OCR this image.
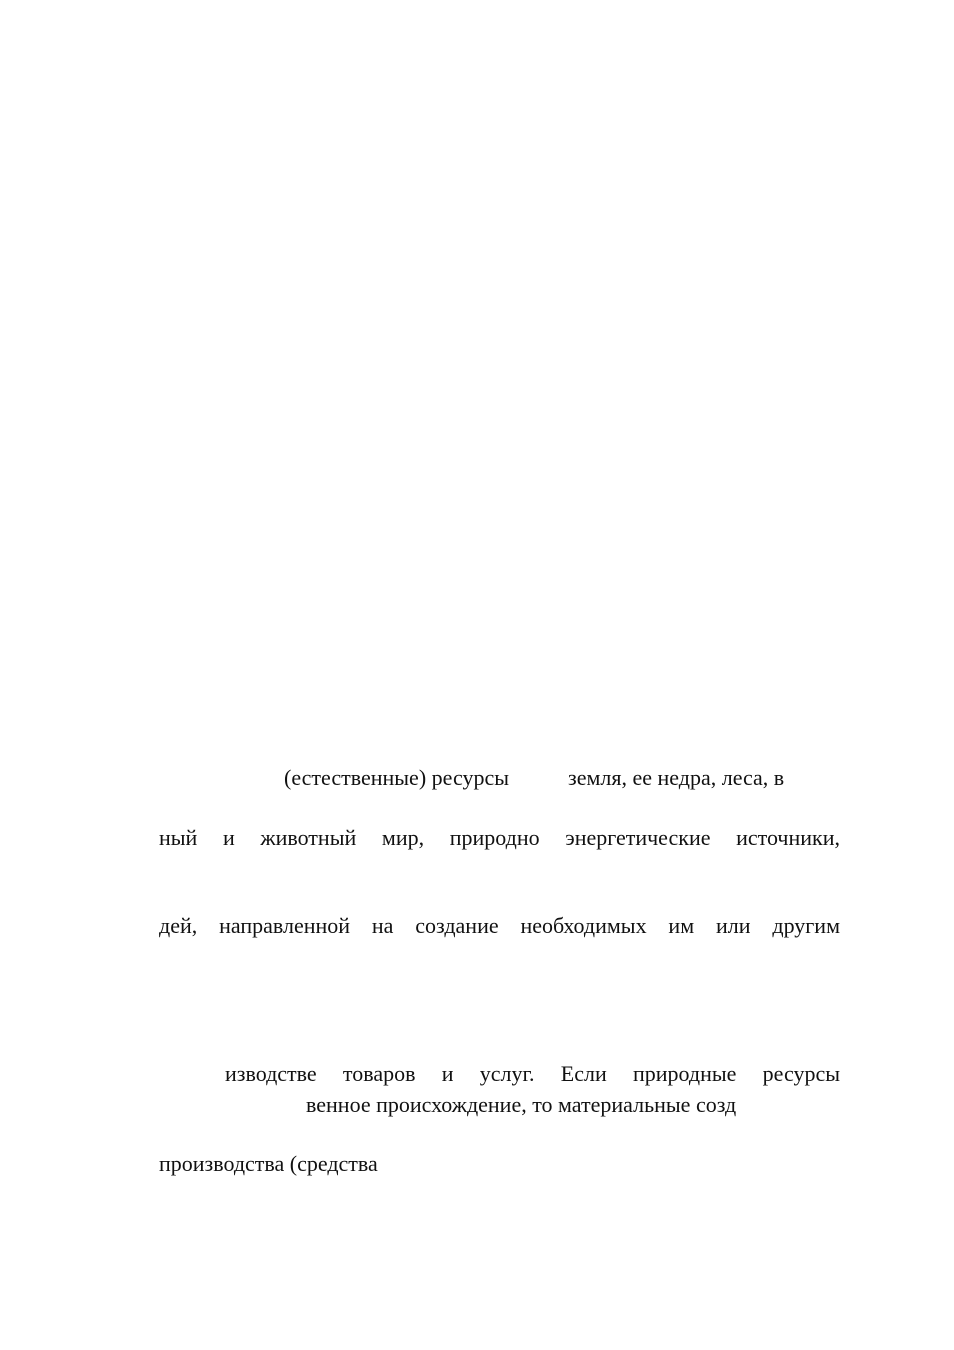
(естественные) ресурсы	земля, ее недра, леса, в
ный и животный мир, природно энергетические источники,
дей, направленной на создание необходимых им или другим
изводстве товаров и услуг. Если природные ресурсы
венное происхождение, то материальные созд
производства (средства
